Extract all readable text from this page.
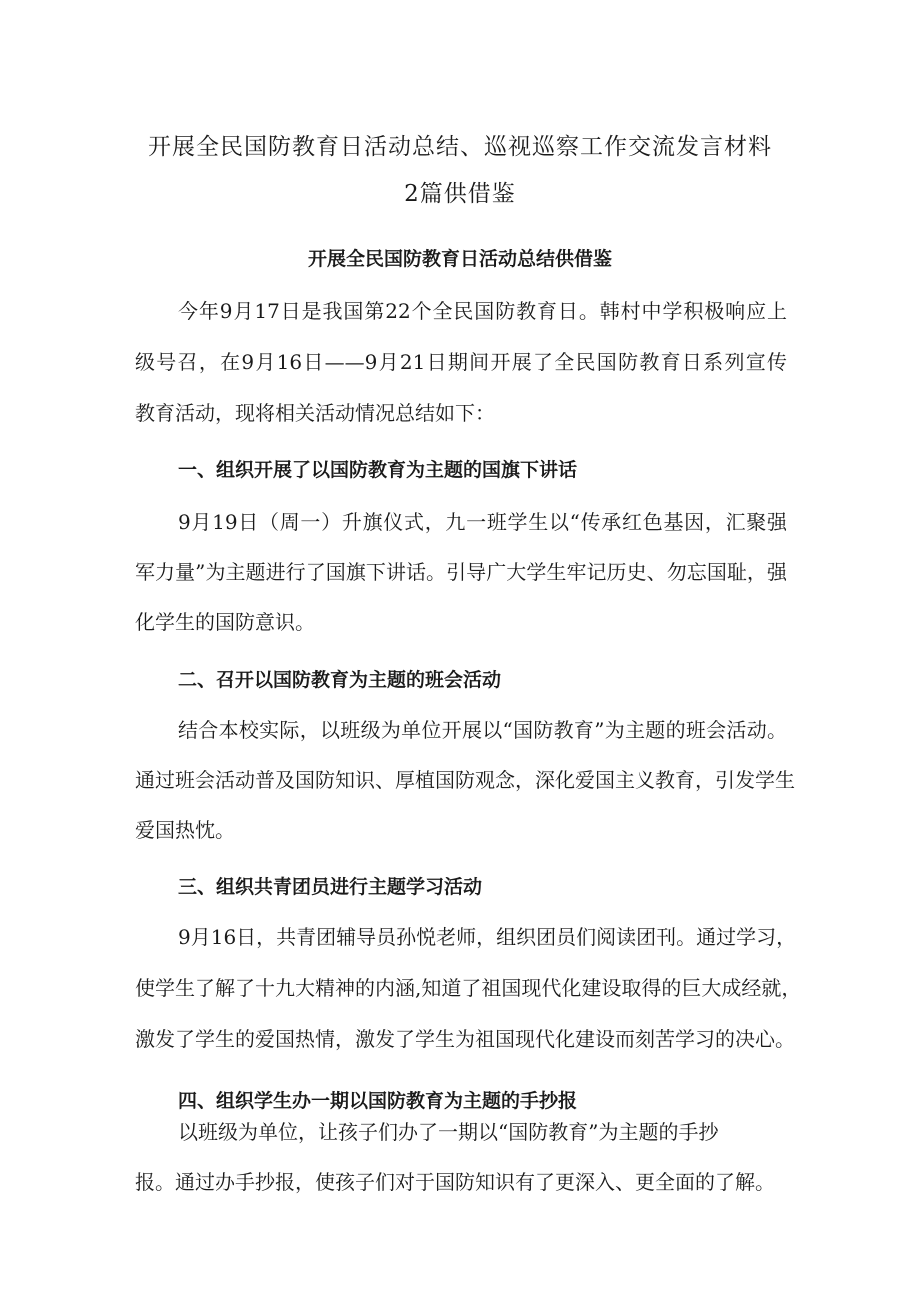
开展全民国防教育日活动总结、巡视巡察工作交流发言材料
2篇供借鉴
开展全民国防教育日活动总结供借鉴
今年9月17日是我国第22个全民国防教育日。韩村中学积极响应上
级号召，在9月16日——9月21日期间开展了全民国防教育日系列宣传
教育活动，现将相关活动情况总结如下：
一、组织开展了以国防教育为主题的国旗下讲话
9月19日（周一）升旗仪式，九一班学生以“传承红色基因，汇聚强
军力量”为主题进行了国旗下讲话。引导广大学生牢记历史、勿忘国耻，强
化学生的国防意识。
二、召开以国防教育为主题的班会活动
结合本校实际，以班级为单位开展以“国防教育”为主题的班会活动。
通过班会活动普及国防知识、厚植国防观念，深化爱国主义教育，引发学生
爱国热忱。
三、组织共青团员进行主题学习活动
9月16日，共青团辅导员孙悦老师，组织团员们阅读团刊。通过学习，
使学生了解了十九大精神的内涵,知道了祖国现代化建设取得的巨大成经就，
激发了学生的爱国热情，激发了学生为祖国现代化建设而刻苦学习的决心。
四、组织学生办一期以国防教育为主题的手抄报
以班级为单位，让孩子们办了一期以“国防教育”为主题的手抄
报。通过办手抄报，使孩子们对于国防知识有了更深入、更全面的了解。
